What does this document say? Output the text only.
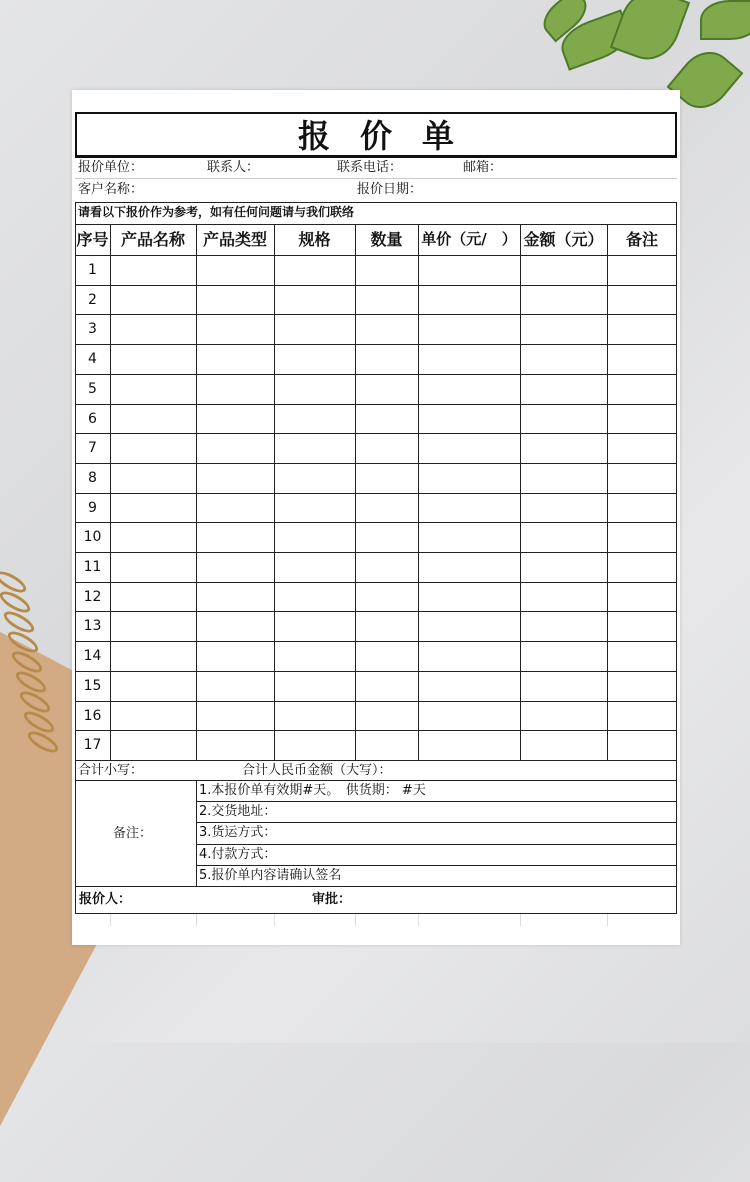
报价单
报价单位：	联系人：	联系电话：	邮箱：
客户名称：	报价日期：
请看以下报价作为参考，如有任何问题请与我们联络
序号 产品名称	产品类型	规格	数量	单价（元/　） 金额（元）	备注
1
2
3
4
5
6
7
8
9
10
11
12
13
14
15
16
17
1.本报价单有效期#天。　供货期： #天
2.交货地址：
3.货运方式：
4.付款方式：
5.报价单内容请确认签名
合计小写：	合计人民币金额（大写）：
备注：
报价人：	审批：
